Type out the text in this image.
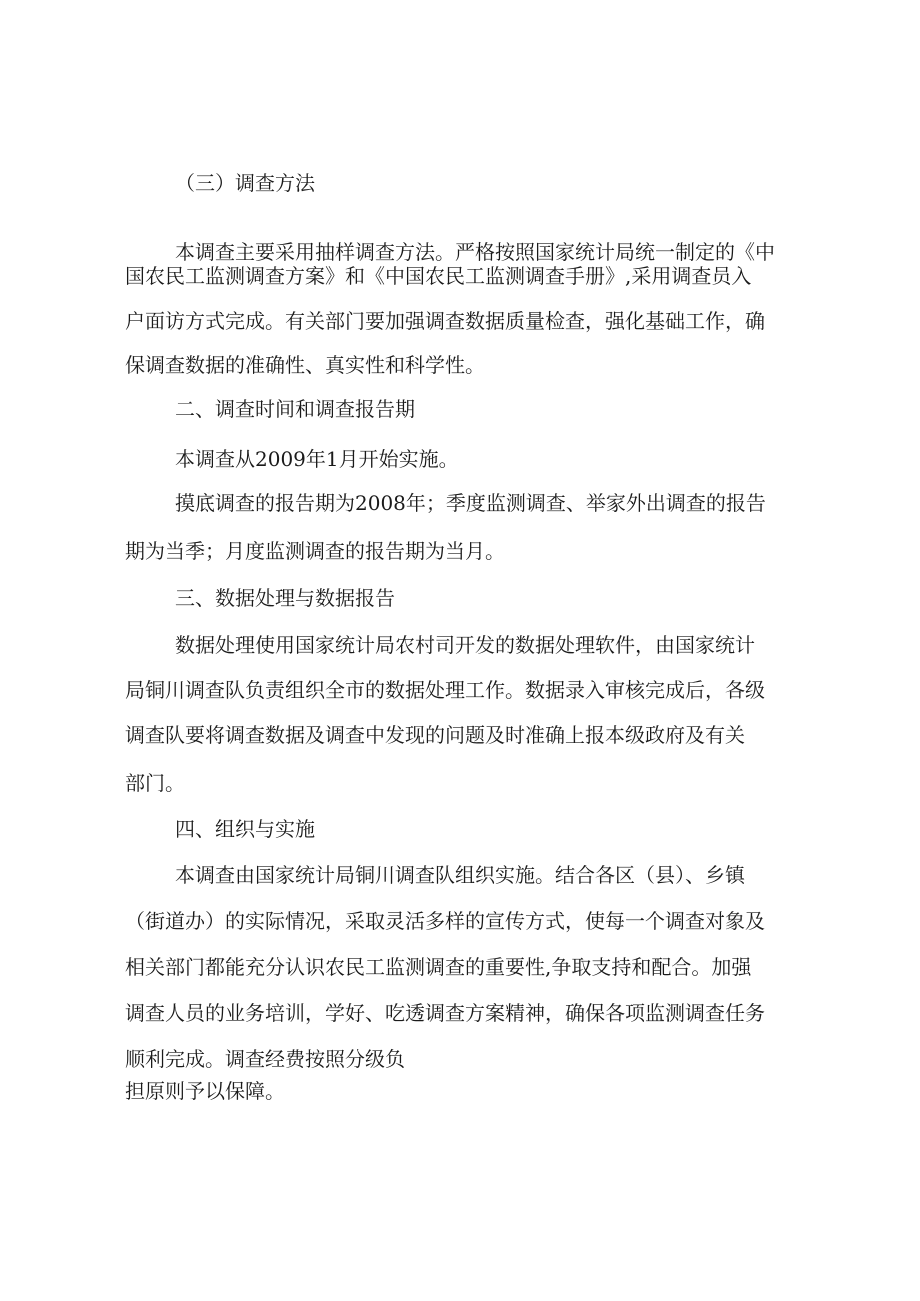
（三）调查方法
本调查主要采用抽样调查方法。严格按照国家统计局统一制定的《中
国农民工监测调查方案》和《中国农民工监测调查手册》,采用调查员入
户面访方式完成。有关部门要加强调查数据质量检查，强化基础工作，确
保调查数据的准确性、真实性和科学性。
二、调查时间和调查报告期
本调查从2009年1月开始实施。
摸底调查的报告期为2008年；季度监测调查、举家外出调查的报告
期为当季；月度监测调查的报告期为当月。
三、数据处理与数据报告
数据处理使用国家统计局农村司开发的数据处理软件，由国家统计
局铜川调查队负责组织全市的数据处理工作。数据录入审核完成后，各级
调查队要将调查数据及调查中发现的问题及时准确上报本级政府及有关
部门。
四、组织与实施
本调查由国家统计局铜川调查队组织实施。结合各区（县）、乡镇
（街道办）的实际情况，采取灵活多样的宣传方式，使每一个调查对象及
相关部门都能充分认识农民工监测调查的重要性,争取支持和配合。加强
调查人员的业务培训，学好、吃透调查方案精神，确保各项监测调查任务
顺利完成。调查经费按照分级负
担原则予以保障。
